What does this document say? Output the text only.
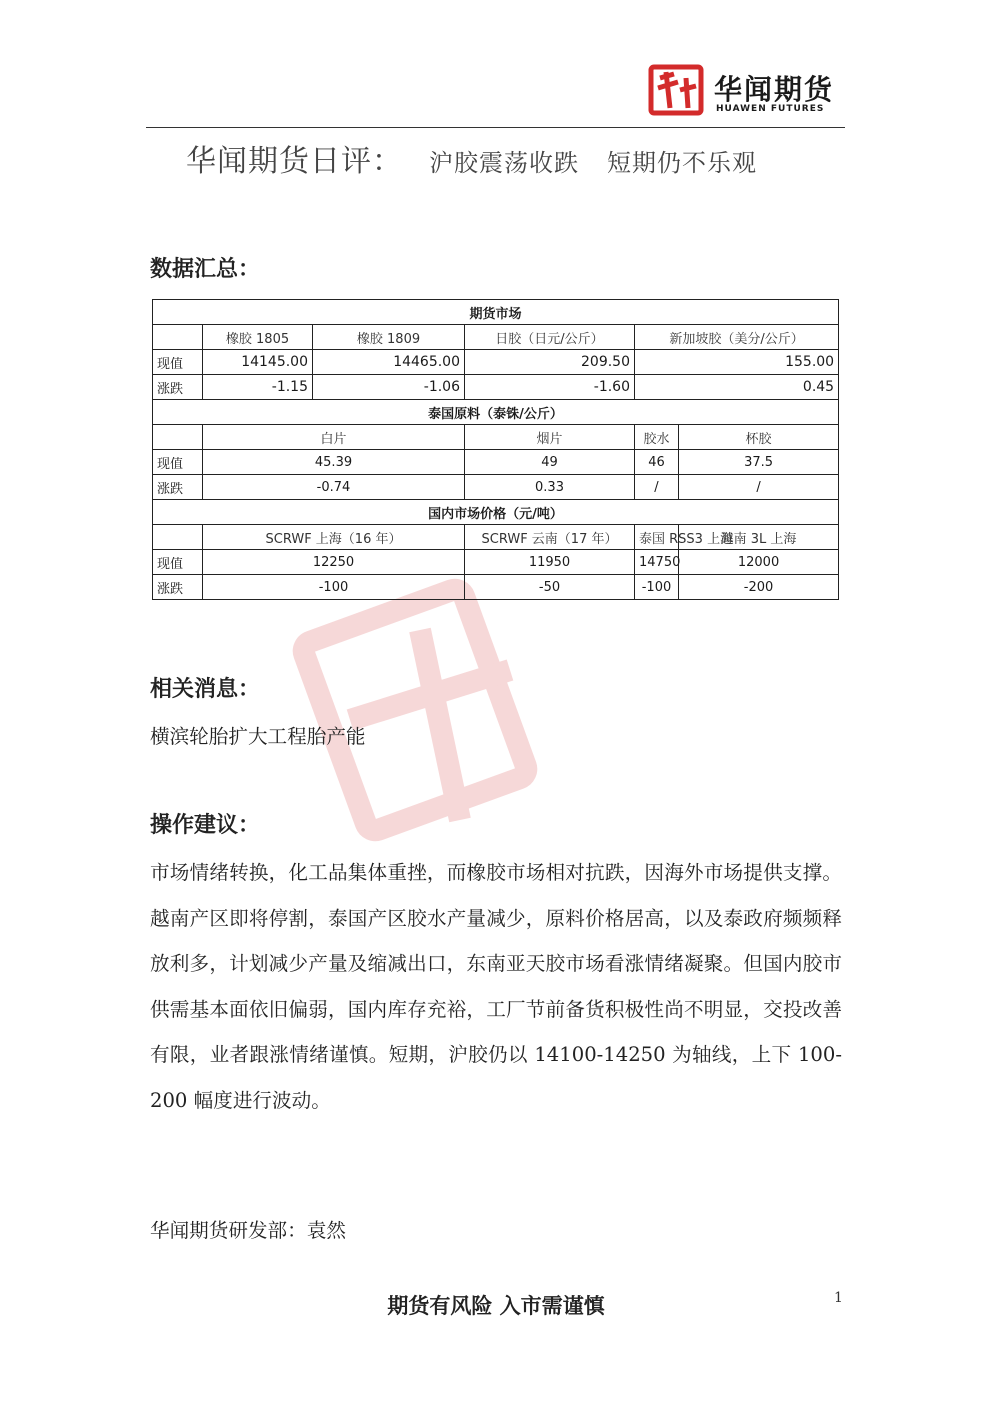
华闻期货
HUAWEN FUTURES
华闻期货日评： 沪胶震荡收跌 短期仍不乐观
数据汇总：
期货市场					
	橡胶 1805	橡胶 1809	日胶（日元/公斤）	新加坡胶（美分/公斤）	
现值	14145.00	14465.00	209.50	155.00	
涨跌	-1.15	-1.06	-1.60	0.45	
泰国原料（泰铢/公斤）					
	白片		烟片	胶水	杯胶
现值	45.39		49	46	37.5
涨跌	-0.74		0.33	/	/
国内市场价格（元/吨）					
	SCRWF 上海（16 年）		SCRWF 云南（17 年）	泰国 RSS3 上海	越南 3L 上海
现值	12250		11950	14750	12000
涨跌	-100		-50	-100	-200
相关消息：
横滨轮胎扩大工程胎产能
操作建议：
市场情绪转换，化工品集体重挫，而橡胶市场相对抗跌，因海外市场提供支撑。越南产区即将停割，泰国产区胶水产量减少，原料价格居高，以及泰政府频频释放利多，计划减少产量及缩减出口，东南亚天胶市场看涨情绪凝聚。但国内胶市供需基本面依旧偏弱，国内库存充裕，工厂节前备货积极性尚不明显，交投改善有限，业者跟涨情绪谨慎。短期，沪胶仍以 14100-14250 为轴线，上下 100-200 幅度进行波动。
华闻期货研发部：袁然
期货有风险 入市需谨慎	1
